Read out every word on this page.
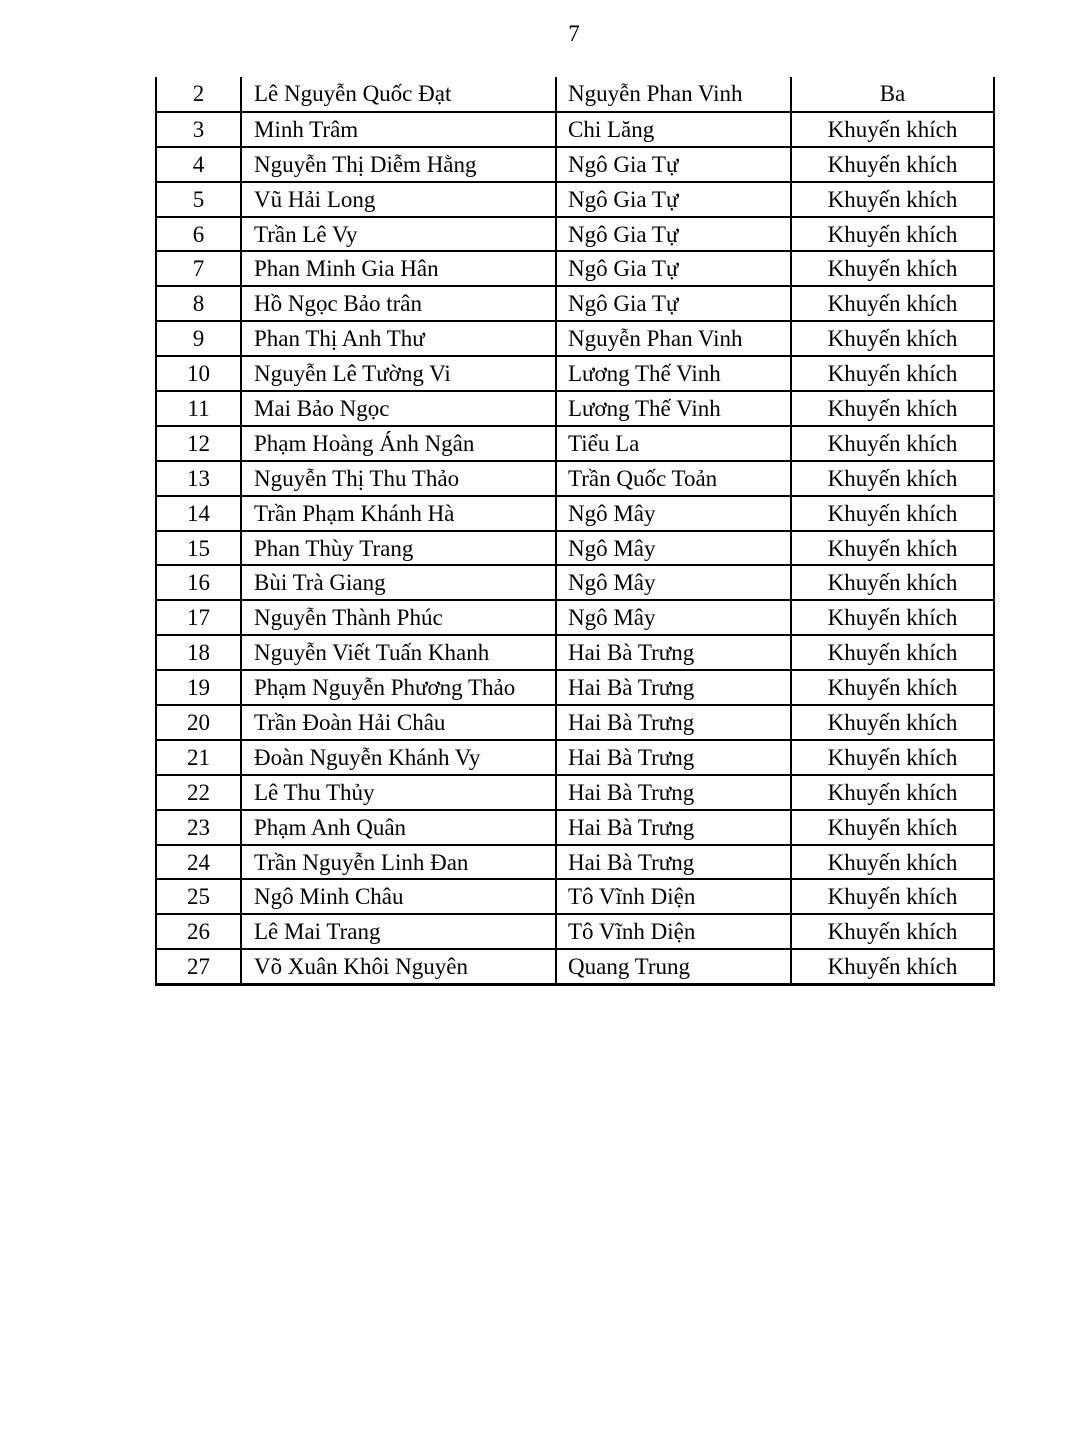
7
2	Lê Nguyễn Quốc Đạt	Nguyễn Phan Vinh	Ba
3	Minh Trâm	Chi Lăng	Khuyến khích
4	Nguyễn Thị Diễm Hằng	Ngô Gia Tự	Khuyến khích
5	Vũ Hải Long	Ngô Gia Tự	Khuyến khích
6	Trần Lê Vy	Ngô Gia Tự	Khuyến khích
7	Phan Minh Gia Hân	Ngô Gia Tự	Khuyến khích
8	Hồ Ngọc Bảo trân	Ngô Gia Tự	Khuyến khích
9	Phan Thị Anh Thư	Nguyễn Phan Vinh	Khuyến khích
10	Nguyễn Lê Tường Vi	Lương Thế Vinh	Khuyến khích
11	Mai Bảo Ngọc	Lương Thế Vinh	Khuyến khích
12	Phạm Hoàng Ánh Ngân	Tiểu La	Khuyến khích
13	Nguyễn Thị Thu Thảo	Trần Quốc Toản	Khuyến khích
14	Trần Phạm Khánh Hà	Ngô Mây	Khuyến khích
15	Phan Thùy Trang	Ngô Mây	Khuyến khích
16	Bùi Trà Giang	Ngô Mây	Khuyến khích
17	Nguyễn Thành Phúc	Ngô Mây	Khuyến khích
18	Nguyễn Viết Tuấn Khanh	Hai Bà Trưng	Khuyến khích
19	Phạm Nguyễn Phương Thảo	Hai Bà Trưng	Khuyến khích
20	Trần Đoàn Hải Châu	Hai Bà Trưng	Khuyến khích
21	Đoàn Nguyễn Khánh Vy	Hai Bà Trưng	Khuyến khích
22	Lê Thu Thủy	Hai Bà Trưng	Khuyến khích
23	Phạm Anh Quân	Hai Bà Trưng	Khuyến khích
24	Trần Nguyễn Linh Đan	Hai Bà Trưng	Khuyến khích
25	Ngô Minh Châu	Tô Vĩnh Diện	Khuyến khích
26	Lê Mai Trang	Tô Vĩnh Diện	Khuyến khích
27	Võ Xuân Khôi Nguyên	Quang Trung	Khuyến khích
